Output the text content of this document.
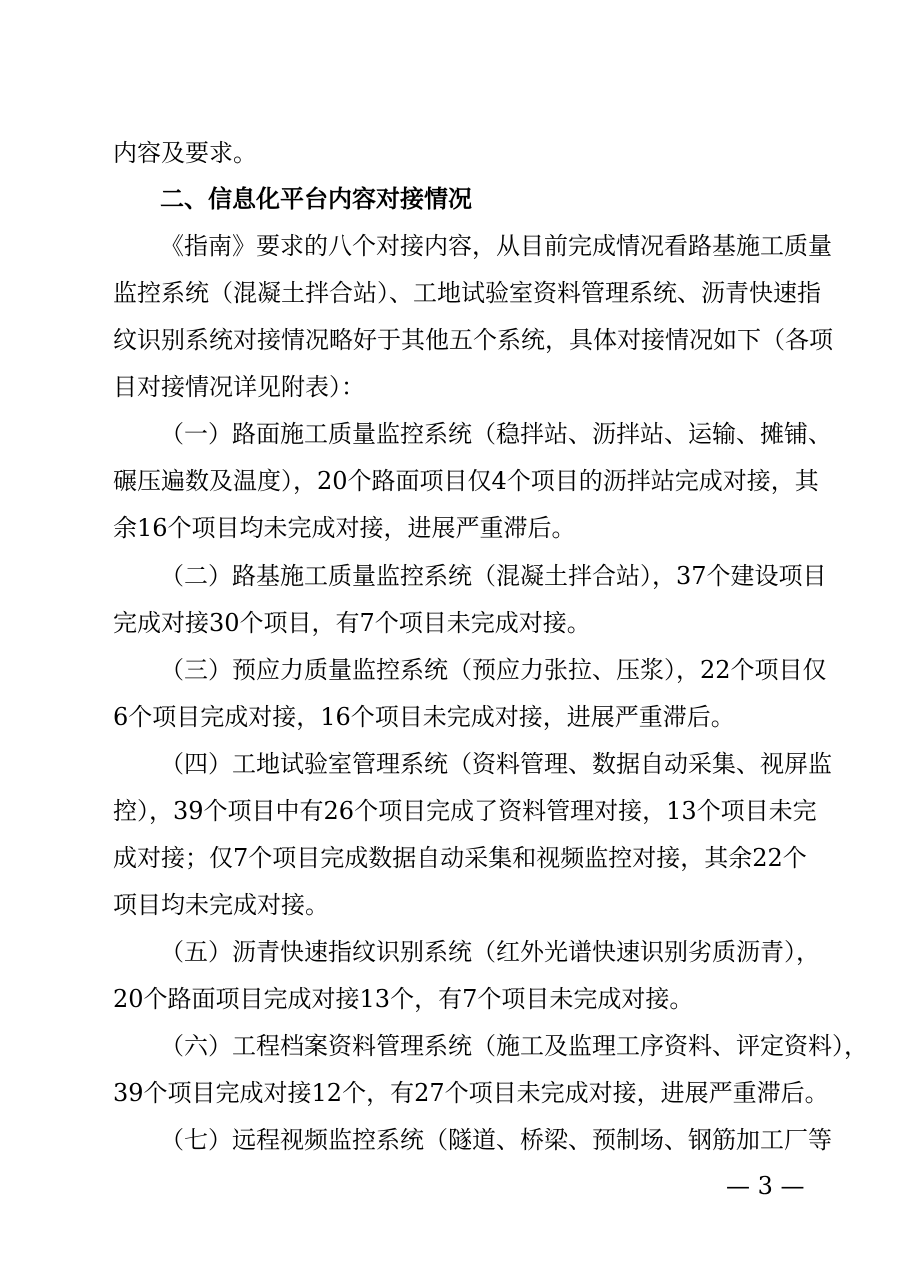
内容及要求。

二、信息化平台内容对接情况

《指南》要求的八个对接内容，从目前完成情况看路基施工质量

监控系统（混凝土拌合站）、工地试验室资料管理系统、沥青快速指

纹识别系统对接情况略好于其他五个系统，具体对接情况如下（各项

目对接情况详见附表）：

（一）路面施工质量监控系统（稳拌站、沥拌站、运输、摊铺、

碾压遍数及温度），20个路面项目仅4个项目的沥拌站完成对接，其

余16个项目均未完成对接，进展严重滞后。

（二）路基施工质量监控系统（混凝土拌合站），37个建设项目

完成对接30个项目，有7个项目未完成对接。

（三）预应力质量监控系统（预应力张拉、压浆），22个项目仅

6个项目完成对接，16个项目未完成对接，进展严重滞后。

（四）工地试验室管理系统（资料管理、数据自动采集、视屏监

控），39个项目中有26个项目完成了资料管理对接，13个项目未完

成对接；仅7个项目完成数据自动采集和视频监控对接，其余22个

项目均未完成对接。

（五）沥青快速指纹识别系统（红外光谱快速识别劣质沥青），

20个路面项目完成对接13个，有7个项目未完成对接。

（六）工程档案资料管理系统（施工及监理工序资料、评定资料），

39个项目完成对接12个，有27个项目未完成对接，进展严重滞后。

（七）远程视频监控系统（隧道、桥梁、预制场、钢筋加工厂等

— 3 —
